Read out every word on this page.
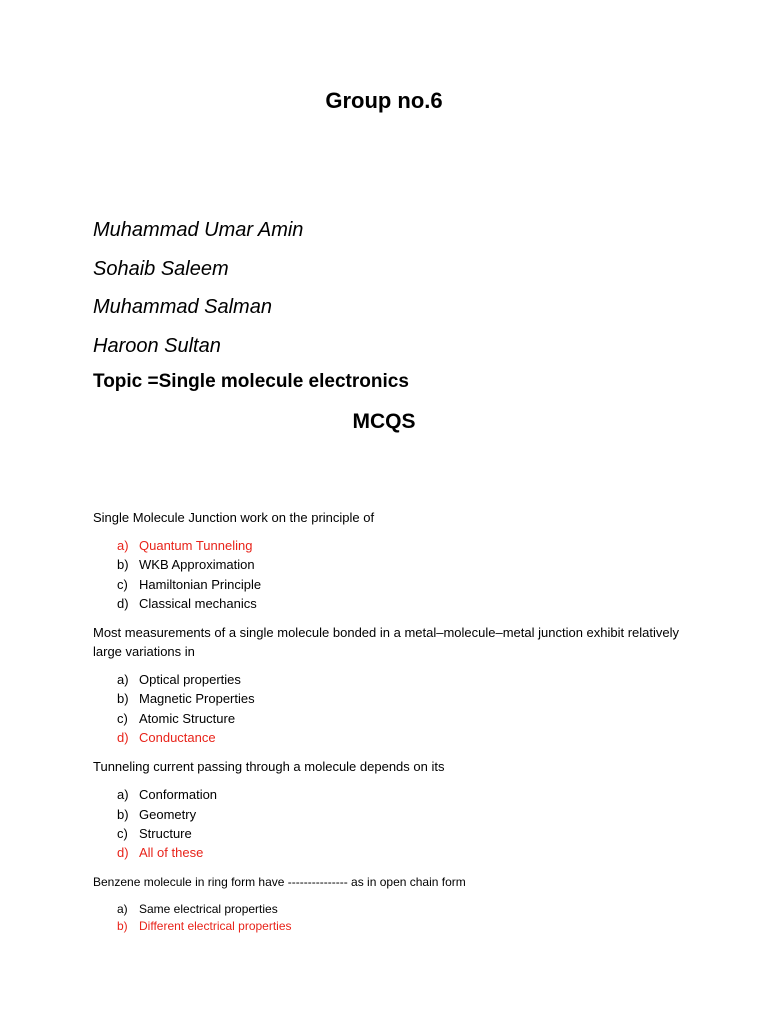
Group no.6
Muhammad Umar Amin
Sohaib Saleem
Muhammad Salman
Haroon Sultan
Topic =Single molecule electronics
MCQS

Single Molecule Junction work on the principle of

a) Quantum Tunneling
b) WKB Approximation
c) Hamiltonian Principle
d) Classical mechanics

Most measurements of a single molecule bonded in a metal–molecule–metal junction exhibit relatively large variations in

a) Optical properties
b) Magnetic Properties
c) Atomic Structure
d) Conductance

Tunneling current passing through a molecule depends on its

a) Conformation
b) Geometry
c) Structure
d) All of these

Benzene molecule in ring form have --------------- as in open chain form

a) Same electrical properties
b) Different electrical properties
